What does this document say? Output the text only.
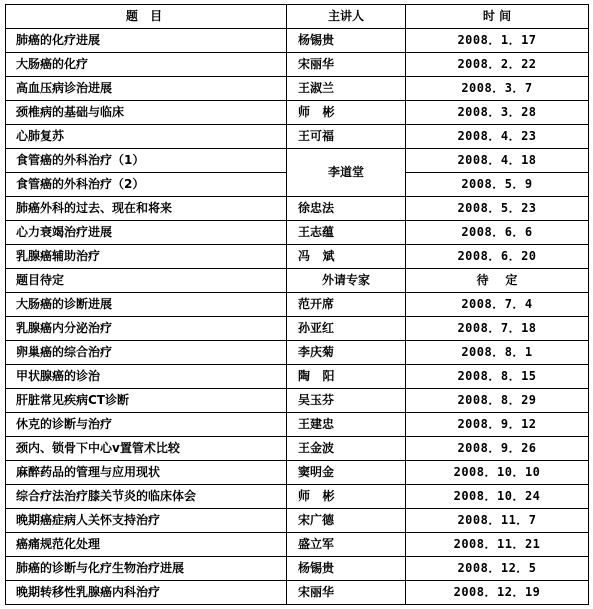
题 目	主讲人	时 间
肺癌的化疗进展	杨锡贵	2008．1．17
大肠癌的化疗	宋丽华	2008．2．22
高血压病诊治进展	王淑兰	2008．3．7
颈椎病的基础与临床	师   彬	2008．3．28
心肺复苏	王可福	2008．4．23
食管癌的外科治疗（1）	李道堂	2008．4．18
食管癌的外科治疗（2）		2008．5．9
肺癌外科的过去、现在和将来	徐忠法	2008．5．23
心力衰竭治疗进展	王志蕴	2008．6．6
乳腺癌辅助治疗	冯   斌	2008．6．20
题目待定	外请专家	待    定
大肠癌的诊断进展	范开席	2008．7．4
乳腺癌内分泌治疗	孙亚红	2008．7．18
卵巢癌的综合治疗	李庆菊	2008．8．1
甲状腺癌的诊治	陶   阳	2008．8．15
肝脏常见疾病CT诊断	吴玉芬	2008．8．29
休克的诊断与治疗	王建忠	2008．9．12
颈内、锁骨下中心v置管术比较	王金波	2008．9．26
麻醉药品的管理与应用现状	窦明金	2008．10．10
综合疗法治疗膝关节炎的临床体会	师   彬	2008．10．24
晚期癌症病人关怀支持治疗	宋广德	2008．11．7
癌痛规范化处理	盛立军	2008．11．21
肺癌的诊断与化疗生物治疗进展	杨锡贵	2008．12．5
晚期转移性乳腺癌内科治疗	宋丽华	2008．12．19
